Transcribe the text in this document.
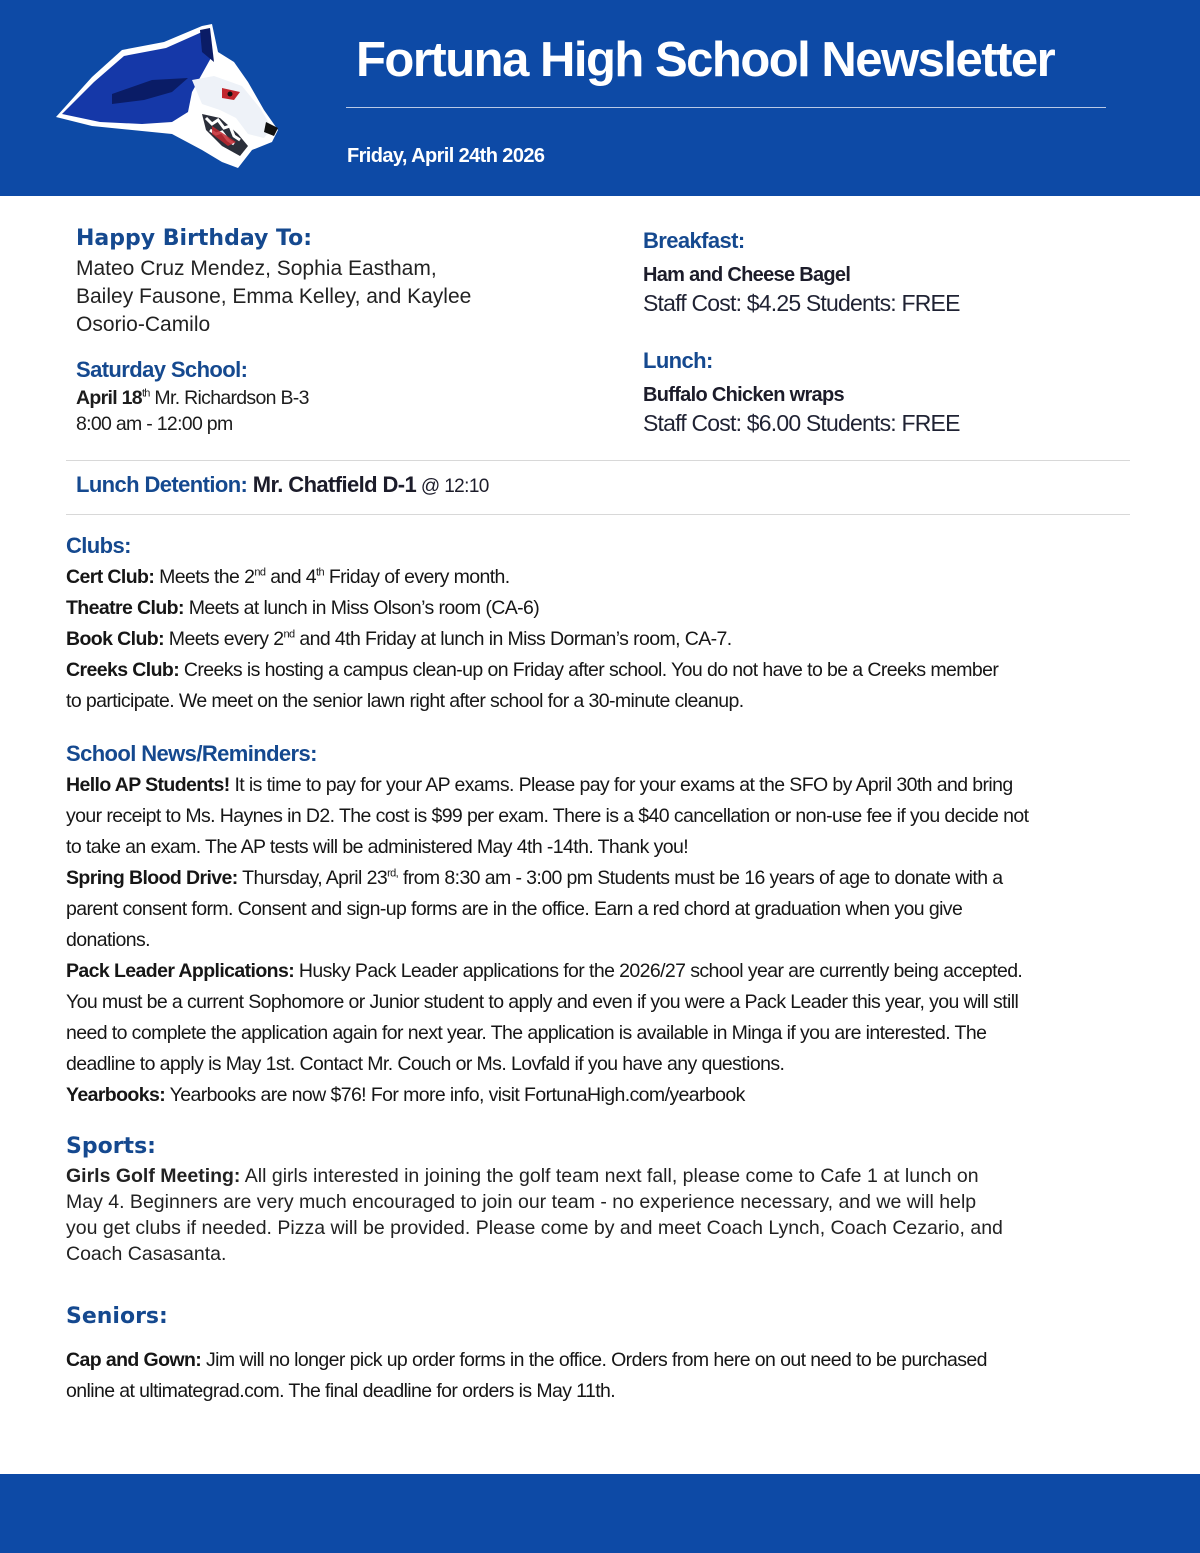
Fortuna High School Newsletter
Friday, April 24th 2026

Happy Birthday To:

Mateo Cruz Mendez, Sophia Eastham,

Bailey Fausone, Emma Kelley, and Kaylee

Osorio-Camilo

Saturday School:

April 18th Mr. Richardson B-3

8:00 am - 12:00 pm

Breakfast:

Ham and Cheese Bagel

Staff Cost: $4.25 Students: FREE

Lunch:

Buffalo Chicken wraps

Staff Cost: $6.00 Students: FREE

Lunch Detention: Mr. Chatfield D-1 @ 12:10

Clubs:

Cert Club: Meets the 2nd and 4th Friday of every month.

Theatre Club: Meets at lunch in Miss Olson’s room (CA-6)

Book Club: Meets every 2nd and 4th Friday at lunch in Miss Dorman’s room, CA-7.

Creeks Club: Creeks is hosting a campus clean-up on Friday after school. You do not have to be a Creeks member

to participate. We meet on the senior lawn right after school for a 30-minute cleanup.

School News/Reminders:

Hello AP Students! It is time to pay for your AP exams. Please pay for your exams at the SFO by April 30th and bring

your receipt to Ms. Haynes in D2. The cost is $99 per exam. There is a $40 cancellation or non-use fee if you decide not

to take an exam. The AP tests will be administered May 4th -14th. Thank you!

Spring Blood Drive: Thursday, April $23^{rd,}$ from 8:30 am - 3:00 pm Students must be 16 years of age to donate with a

parent consent form. Consent and sign-up forms are in the office. Earn a red chord at graduation when you give

donations.

Pack Leader Applications: Husky Pack Leader applications for the 2026/27 school year are currently being accepted.

You must be a current Sophomore or Junior student to apply and even if you were a Pack Leader this year, you will still

need to complete the application again for next year. The application is available in Minga if you are interested. The

deadline to apply is May 1st. Contact Mr. Couch or Ms. Lovfald if you have any questions.

Yearbooks: Yearbooks are now $76! For more info, visit FortunaHigh.com/yearbook

Sports:

Girls Golf Meeting: All girls interested in joining the golf team next fall, please come to Cafe 1 at lunch on

May 4. Beginners are very much encouraged to join our team - no experience necessary, and we will help

you get clubs if needed. Pizza will be provided. Please come by and meet Coach Lynch, Coach Cezario, and

Coach Casasanta.

Seniors:

Cap and Gown: Jim will no longer pick up order forms in the office. Orders from here on out need to be purchased

online at ultimategrad.com. The final deadline for orders is May 11th.
